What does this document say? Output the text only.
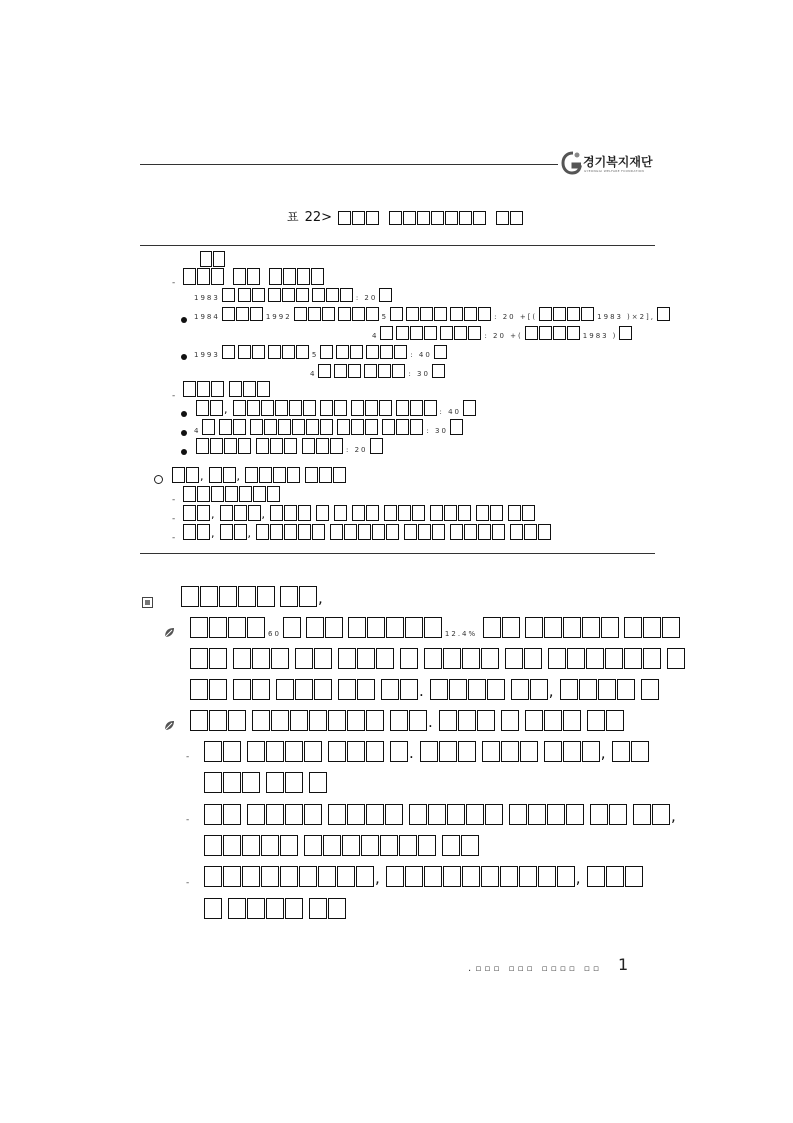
경기복지재단
GYEONGGI WELFARE FOUNDATION
표 22>
-
1983	: 20
1984	1992	5	: 20 +[(	1983 )×2],
4	: 20 +(	1983 )
1993	5	: 40
4	: 30
-
,	: 40
4	: 30
: 20
,	,
-
-	,	,
-	,	,
,
60	12.4%
.	,
.
-	.	,
-	,
-	,	,
. ▫▫▫ ▫▫▫ ▫▫▫▫ ▫▫ 1
